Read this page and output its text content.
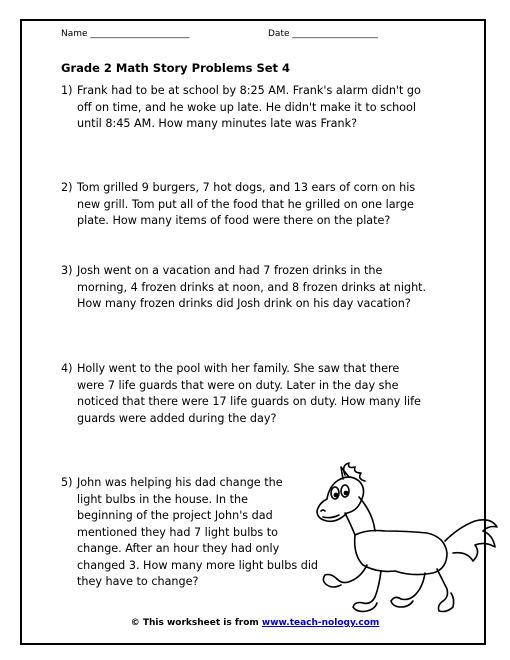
Name ______________________	Date ___________________
Grade 2 Math Story Problems Set 4
1) Frank had to be at school by 8:25 AM. Frank's alarm didn't go
off on time, and he woke up late. He didn't make it to school
until 8:45 AM. How many minutes late was Frank?
2) Tom grilled 9 burgers, 7 hot dogs, and 13 ears of corn on his
new grill. Tom put all of the food that he grilled on one large
plate. How many items of food were there on the plate?
3) Josh went on a vacation and had 7 frozen drinks in the
morning, 4 frozen drinks at noon, and 8 frozen drinks at night.
How many frozen drinks did Josh drink on his day vacation?
4) Holly went to the pool with her family. She saw that there
were 7 life guards that were on duty. Later in the day she
noticed that there were 17 life guards on duty. How many life
guards were added during the day?
5) John was helping his dad change the
light bulbs in the house. In the
beginning of the project John's dad
mentioned they had 7 light bulbs to
change. After an hour they had only
changed 3. How many more light bulbs did
they have to change?
© This worksheet is from www.teach-nology.com
